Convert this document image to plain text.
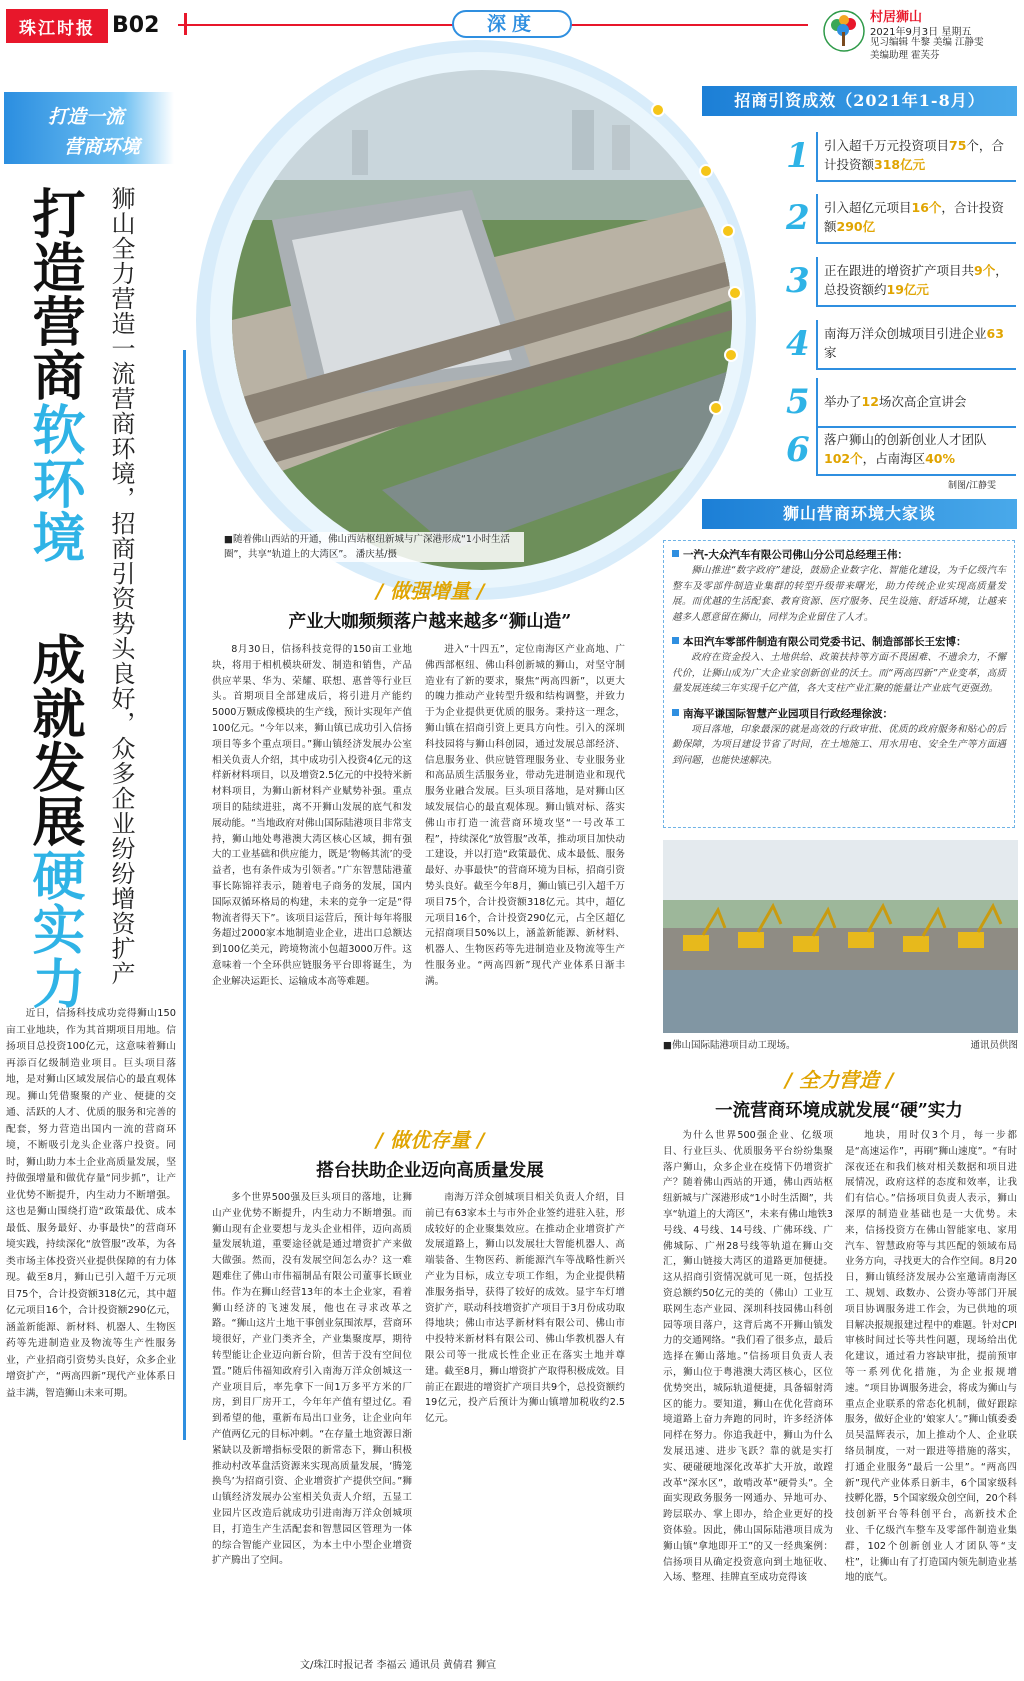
珠江时报 B02	深度	村居狮山
2021年9月3日 星期五
见习编辑 牛黎 美编 江静雯
美编助理 霍芙芬
打造一流
营商环境
打造营商软环境
成就发展硬实力 狮山全力营造一流营商环境，招商引资势头良好，众多企业纷纷增资扩产
近日，信扬科技成功竞得狮山150亩工业地块，作为其首期项目用地。信扬项目总投资100亿元，这意味着狮山再添百亿级制造业项目。巨头项目落地，是对狮山区域发展信心的最直观体现。狮山凭借聚聚的产业、便捷的交通、活跃的人才、优质的服务和完善的配套，努力营造出国内一流的营商环境，不断吸引龙头企业落户投资。同时，狮山助力本土企业高质量发展，坚持做强增量和做优存量“同步抓”，让产业优势不断提升，内生动力不断增强。这也是狮山围绕打造“政策最优、成本最低、服务最好、办事最快”的营商环境实践，持续深化“放管服”改革，为各类市场主体投资兴业提供保障的有力体现。截至8月，狮山已引入超千万元项目75个，合计投资额318亿元，其中超亿元项目16个，合计投资额290亿元，涵盖新能源、新材料、机器人、生物医药等先进制造业及物流等生产性服务业，产业招商引资势头良好，众多企业增资扩产，“两高四新”现代产业体系日益丰满，智造狮山未来可期。
■随着佛山西站的开通，佛山西站枢纽新城与广深港形成“1小时生活圈”，共享“轨道上的大湾区”。 潘庆基/摄
招商引资成效（2021年1-8月）
1	引入超千万元投资项目75个，合计投资额318亿元
2	引入超亿元项目16个，合计投资额290亿
3	正在跟进的增资扩产项目共9个，总投资额约19亿元
4	南海万洋众创城项目引进企业63家
5	举办了12场次高企宣讲会
6	落户狮山的创新创业人才团队102个，占南海区40%
制图/江静雯
狮山营商环境大家谈
一汽-大众汽车有限公司佛山分公司总经理王伟：
狮山推进“数字政府”建设，鼓励企业数字化、智能化建设，为千亿级汽车整车及零部件制造业集群的转型升级带来曙光，助力传统企业实现高质量发展。而优越的生活配套、教育资源、医疗服务、民生设施、舒适环境，让越来越多人愿意留在狮山，同样为企业留住了人才。
本田汽车零部件制造有限公司党委书记、制造部部长王宏博：
政府在资金投入、土地供给、政策扶持等方面不畏困难、不遗余力，不懈代价，让狮山成为广大企业家创新创业的沃土。而“两高四新”产业变革，高质量发展连续三年实现千亿产值，各大支柱产业汇聚的能量让产业底气更强劲。
南海平谦国际智慧产业园项目行政经理徐波：
项目落地，印象最深的就是高效的行政审批、优质的政府服务和贴心的后勤保障，为项目建设节省了时间，在土地施工、用水用电、安全生产等方面遇到问题，也能快速解决。
■佛山国际陆港项目动工现场。	通讯员供图
/ 做强增量 /
产业大咖频频落户越来越多“狮山造”
8月30日，信扬科技竞得的150亩工业地块，将用于相机模块研发、制造和销售，产品供应苹果、华为、荣耀、联想、惠普等行业巨头。首期项目全部建成后，将引进月产能约5000万颗成像模块的生产线，预计实现年产值100亿元。“今年以来，狮山镇已成功引入信扬项目等多个重点项目。”狮山镇经济发展办公室相关负责人介绍，其中成功引入投资4亿元的这样新材料项目，以及增资2.5亿元的中投特米新材料项目，为狮山新材料产业赋势补强。重点项目的陆续进驻，离不开狮山发展的底气和发展动能。“当地政府对佛山国际陆港项目非常支持，狮山地处粤港澳大湾区核心区域，拥有强大的工业基础和供应能力，既是‘物畅其流’的受益者，也有条件成为引领者。”广东智慧陆港董事长陈锦祥表示，随着电子商务的发展，国内国际双循环格局的构建，未来的竞争一定是“得物流者得天下”。该项目运营后，预计每年将服务超过2000家本地制造业企业，进出口总额达到100亿美元，跨境物流小包超3000万件。这意味着一个全环供应链服务平台即将诞生，为企业解决运距长、运输成本高等难题。
进入“十四五”，定位南海区产业高地、广佛西部枢纽、佛山科创新城的狮山，对坚守制造业有了新的要求，聚焦“两高四新”，以更大的魄力推动产业转型升级和结构调整，并致力于为企业提供更优质的服务。秉持这一理念，狮山镇在招商引资上更具方向性。引入的深圳科技园将与狮山科创园，通过发展总部经济、信息服务业、供应链管理服务业、专业服务业和高品质生活服务业，带动先进制造业和现代服务业融合发展。巨头项目落地，是对狮山区域发展信心的最直观体现。狮山镇对标、落实佛山市打造一流营商环境攻坚“一号改革工程”，持续深化“放管服”改革，推动项目加快动工建设，并以打造“政策最优、成本最低、服务最好、办事最快”的营商环境为目标，招商引资势头良好。截至今年8月，狮山镇已引入超千万项目75个，合计投资额318亿元。其中，超亿元项目16个，合计投资290亿元，占全区超亿元招商项目50%以上，涵盖新能源、新材料、机器人、生物医药等先进制造业及物流等生产性服务业。“两高四新”现代产业体系日渐丰满。
/ 做优存量 /
搭台扶助企业迈向高质量发展
多个世界500强及巨头项目的落地，让狮山产业优势不断提升，内生动力不断增强。而狮山现有企业要想与龙头企业相伴，迈向高质量发展轨道，重要途径就是通过增资扩产来做大做强。然而，没有发展空间怎么办？这一难题难住了佛山市伟福制品有限公司董事长顾业伟。作为在狮山经营13年的本土企业家，看着狮山经济的飞速发展，他也在寻求改革之路。“狮山这片土地干事创业氛围浓厚，营商环境很好，产业门类齐全，产业集聚度厚，期待转型能让企业迈向新台阶，但苦于没有空间位置。”随后伟福知政府引入南海万洋众创城这一产业项目后，率先拿下一间1万多平方米的厂房，到目厂房开工，今年年产值有望过亿。看到希望的他，重新布局出口业务，让企业向年产值两亿元的目标冲刺。“在存量土地资源日渐紧缺以及新增指标受限的新常态下，狮山积极推动村改革盘活资源来实现高质量发展，‘腾笼换鸟’为招商引资、企业增资扩产提供空间。”狮山镇经济发展办公室相关负责人介绍，五显工业园片区改造后就成功引进南海万洋众创城项目，打造生产生活配套和智慧园区管理为一体的综合智能产业园区，为本土中小型企业增资扩产腾出了空间。
南海万洋众创城项目相关负责人介绍，目前已有63家本土与市外企业签约进驻入驻，形成较好的企业聚集效应。在推动企业增资扩产发展道路上，狮山以发展壮大智能机器人、高端装备、生物医药、新能源汽车等战略性新兴产业为目标，成立专项工作组，为企业提供精准服务指导，获得了较好的成效。显宇车灯增资扩产，联动科技增资扩产项目于3月份成功取得地块；佛山市达孚新材料有限公司、佛山市中投特米新材料有限公司、佛山华教机器人有限公司等一批成长性企业正在落实土地并尊建。截至8月，狮山增资扩产取得积极成效。目前正在跟进的增资扩产项目共9个，总投资额约19亿元，投产后预计为狮山镇增加税收约2.5亿元。
/ 全力营造 /
一流营商环境成就发展“硬”实力
为什么世界500强企业、亿级项目、行业巨头、优质服务平台纷纷集聚落户狮山，众多企业在疫情下仍增资扩产？随着佛山西站的开通，佛山西站枢纽新城与广深港形成“1小时生活圈”，共享“轨道上的大湾区”，未来有佛山地铁3号线、4号线、14号线、广佛环线、广佛城际、广州28号线等轨道在狮山交汇，狮山链接大湾区的道路更加便捷。这从招商引资情况就可见一斑，包括投资总额约50亿元的美的（佛山）工业互联网生态产业园、深圳科技园佛山科创园等项目落户，这背后离不开狮山镇发力的交通网络。“我们看了很多点，最后选择在狮山落地。”信扬项目负责人表示，狮山位于粤港澳大湾区核心，区位优势突出，城际轨道便捷，具备辐射湾区的能力。要知道，狮山在优化营商环境道路上奋力奔跑的同时，许多经济体同样在努力。你追我赶中，狮山为什么发展迅速、进步飞跃？靠的就是实打实、硬碰硬地深化改革扩大开放，敢蹚改革“深水区”，敢啃改革“硬骨头”。全面实现政务服务一网通办、异地可办、跨层联办、掌上即办，给企业更好的投资体验。因此，佛山国际陆港项目成为狮山镇“拿地即开工”的又一经典案例：信扬项目从确定投资意向到土地征收、入场、整理、挂牌直至成功竞得该
地块，用时仅3个月，每一步都是“高速运作”，再刷“狮山速度”。“有时深夜还在和我们核对相关数据和项目进展情况，政府这样的态度和效率，让我们有信心。”信扬项目负责人表示，狮山深厚的制造业基础也是一大优势。未来，信扬投资方在佛山智能家电、家用汽车、智慧政府等与其匹配的领域布局业务方向，寻找更大的合作空间。8月20日，狮山镇经济发展办公室邀请南海区工、规划、政数办、公资办等部门开展项目协调服务进工作会，为已供地的项目解决报规报建过程中的难题。针对CPI审核时间过长等共性问题，现场给出优化建议，通过看力容缺审批，提前预审等一系列优化措施，为企业报规增速。“项目协调服务进会，将成为狮山与重点企业联系的常态化机制，做好跟踪服务，做好企业的‘娘家人’。”狮山镇委委员吴温辉表示，加上推动个人、企业联络员制度，一对一跟进等措施的落实，打通企业服务“最后一公里”。“两高四新”现代产业体系日新丰，6个国家级科技孵化器，5个国家级众创空间，20个科技创新平台等科创平台，高新技术企业、千亿级汽车整车及零部件制造业集群，102个创新创业人才团队等“支柱”，让狮山有了打造国内领先制造业基地的底气。
文/珠江时报记者 李福云 通讯员 黄倩君 狮宣
